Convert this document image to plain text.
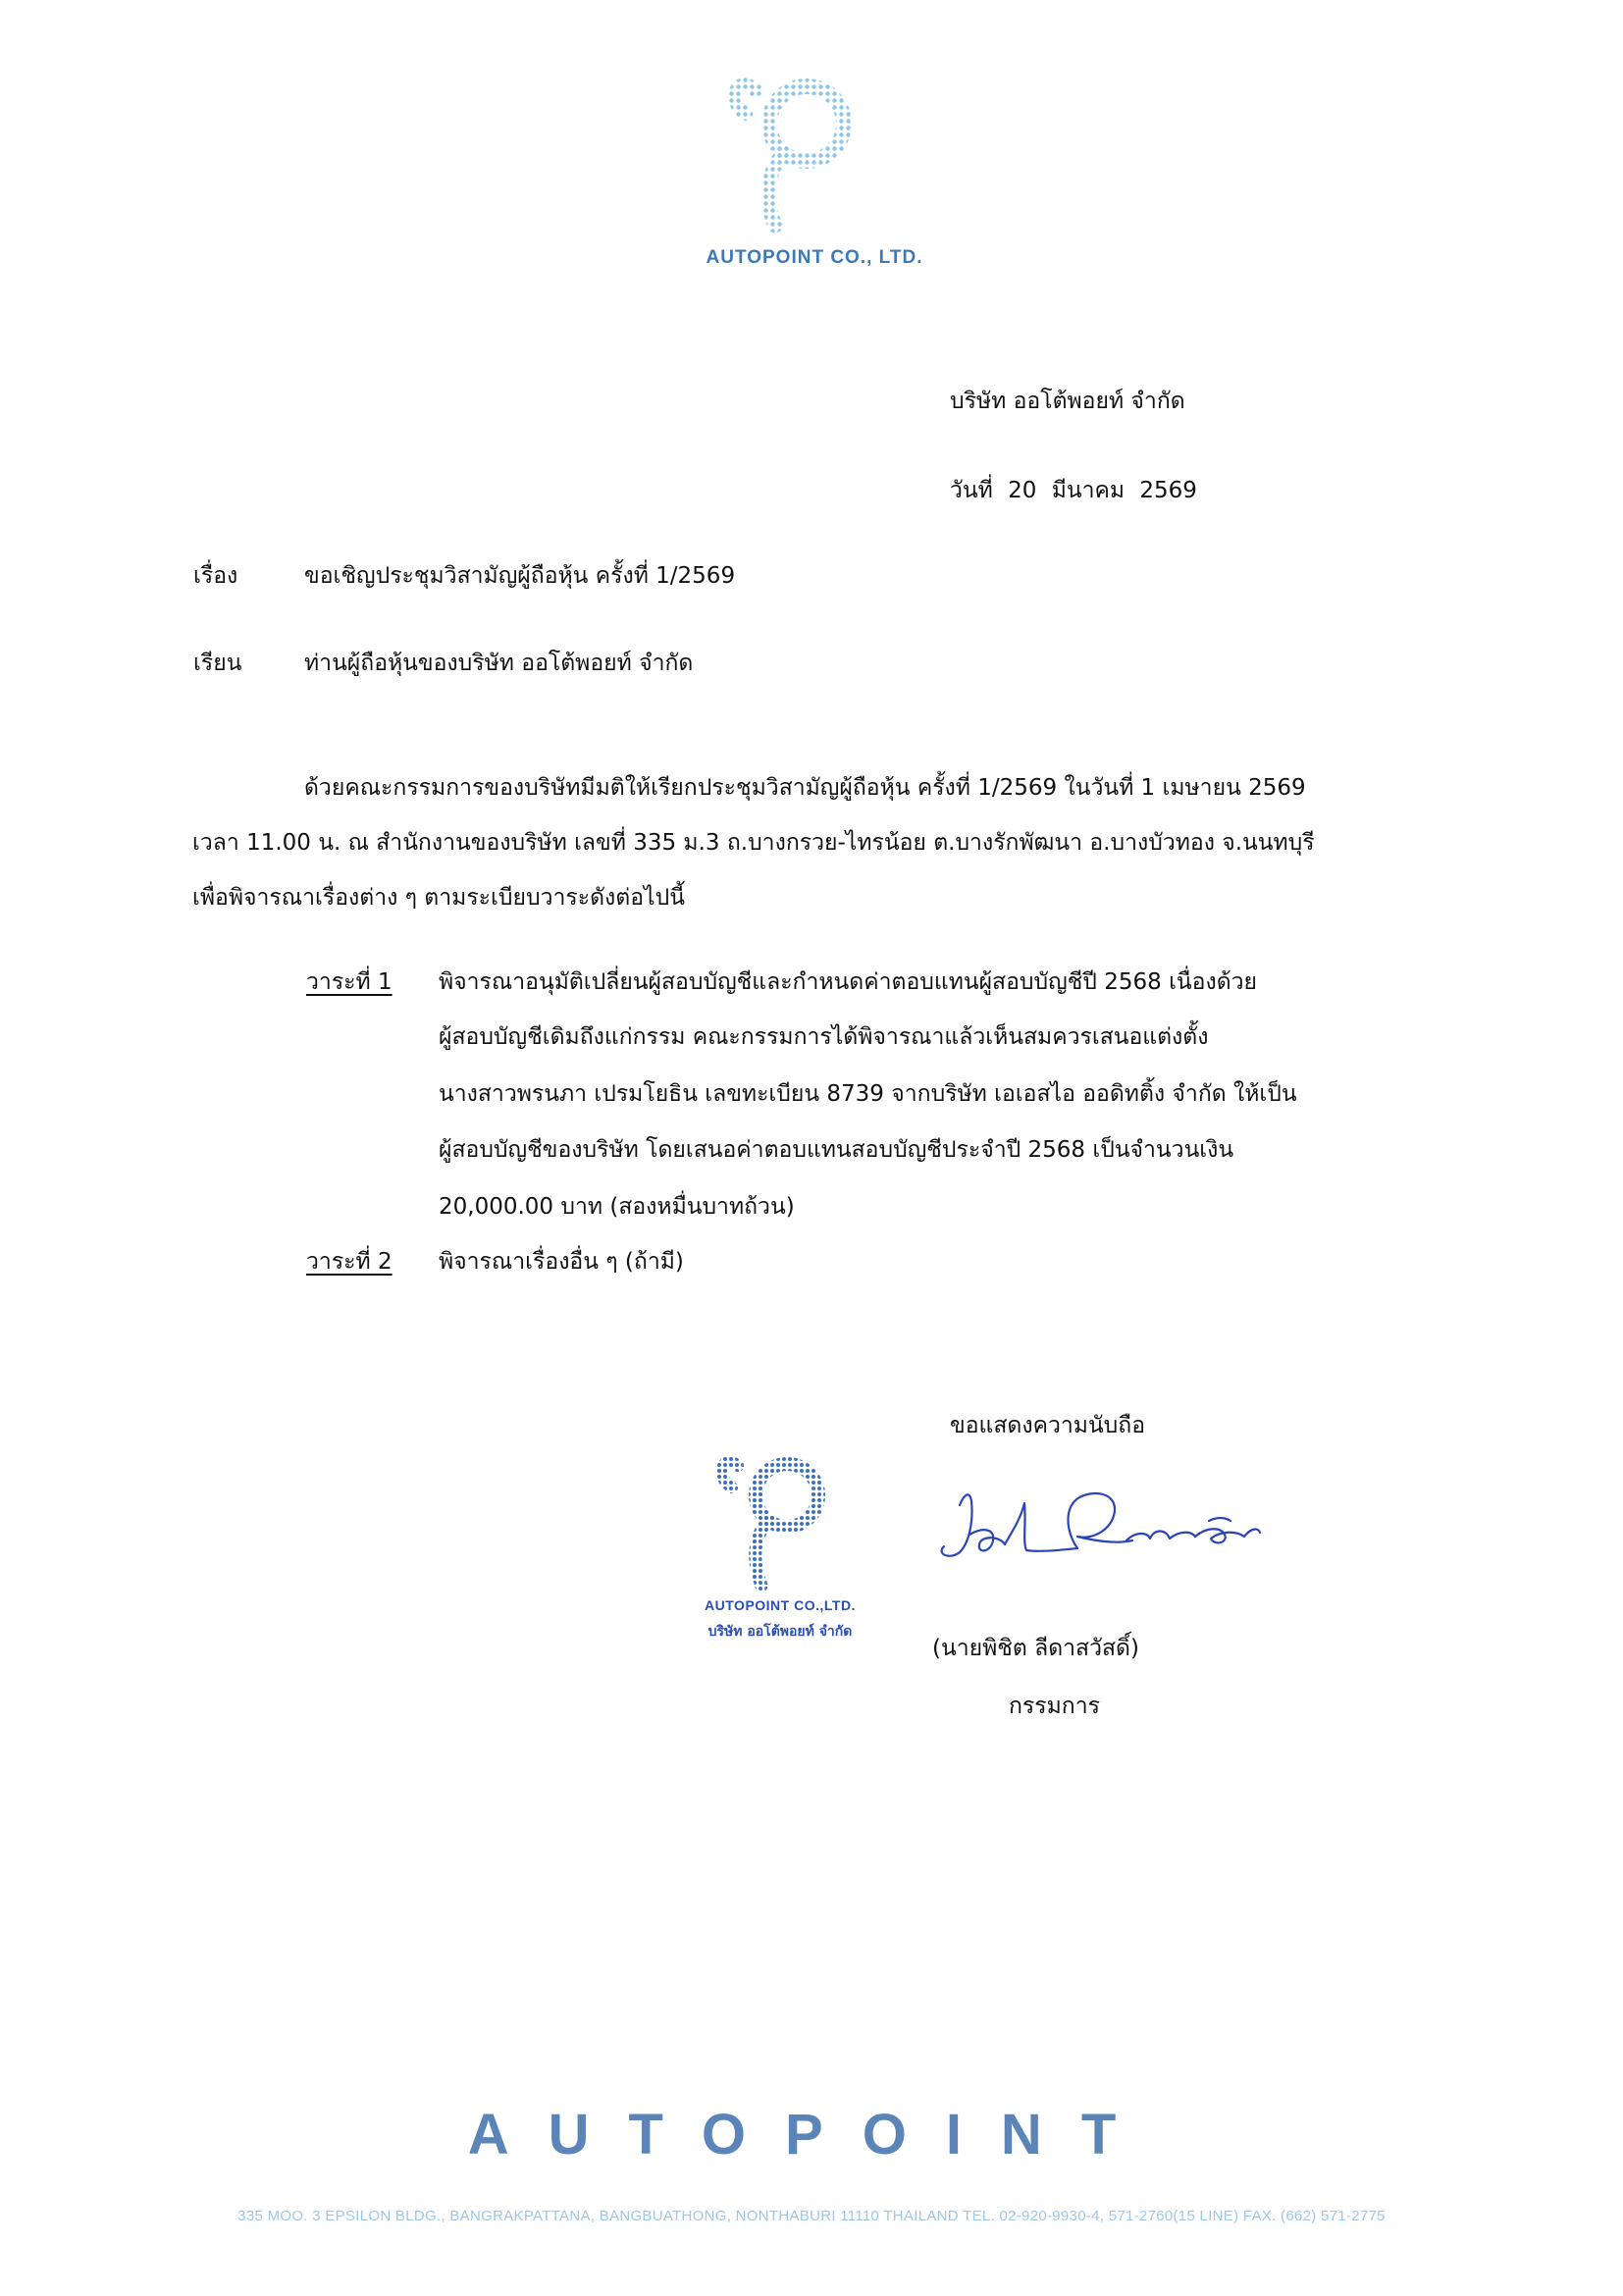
AUTOPOINT CO., LTD.
บริษัท ออโต้พอยท์ จำกัด
วันที่ 20 มีนาคม 2569
เรื่อง	ขอเชิญประชุมวิสามัญผู้ถือหุ้น ครั้งที่ 1/2569
เรียน	ท่านผู้ถือหุ้นของบริษัท ออโต้พอยท์ จำกัด
ด้วยคณะกรรมการของบริษัทมีมติให้เรียกประชุมวิสามัญผู้ถือหุ้น ครั้งที่ 1/2569 ในวันที่ 1 เมษายน 2569
เวลา 11.00 น. ณ สำนักงานของบริษัท เลขที่ 335 ม.3 ถ.บางกรวย-ไทรน้อย ต.บางรักพัฒนา อ.บางบัวทอง จ.นนทบุรี
เพื่อพิจารณาเรื่องต่าง ๆ ตามระเบียบวาระดังต่อไปนี้
วาระที่ 1 พิจารณาอนุมัติเปลี่ยนผู้สอบบัญชีและกำหนดค่าตอบแทนผู้สอบบัญชีปี 2568 เนื่องด้วย
ผู้สอบบัญชีเดิมถึงแก่กรรม คณะกรรมการได้พิจารณาแล้วเห็นสมควรเสนอแต่งตั้ง
นางสาวพรนภา เปรมโยธิน เลขทะเบียน 8739 จากบริษัท เอเอสไอ ออดิทติ้ง จำกัด ให้เป็น
ผู้สอบบัญชีของบริษัท โดยเสนอค่าตอบแทนสอบบัญชีประจำปี 2568 เป็นจำนวนเงิน
20,000.00 บาท (สองหมื่นบาทถ้วน)
วาระที่ 2 พิจารณาเรื่องอื่น ๆ (ถ้ามี)
ขอแสดงความนับถือ
AUTOPOINT CO.,LTD.
บริษัท ออโต้พอยท์ จำกัด
(นายพิชิต ลีดาสวัสดิ์)
กรรมการ
AUTOPOINT
335 MOO. 3 EPSILON BLDG., BANGRAKPATTANA, BANGBUATHONG, NONTHABURI 11110 THAILAND TEL. 02-920-9930-4, 571-2760(15 LINE) FAX. (662) 571-2775
